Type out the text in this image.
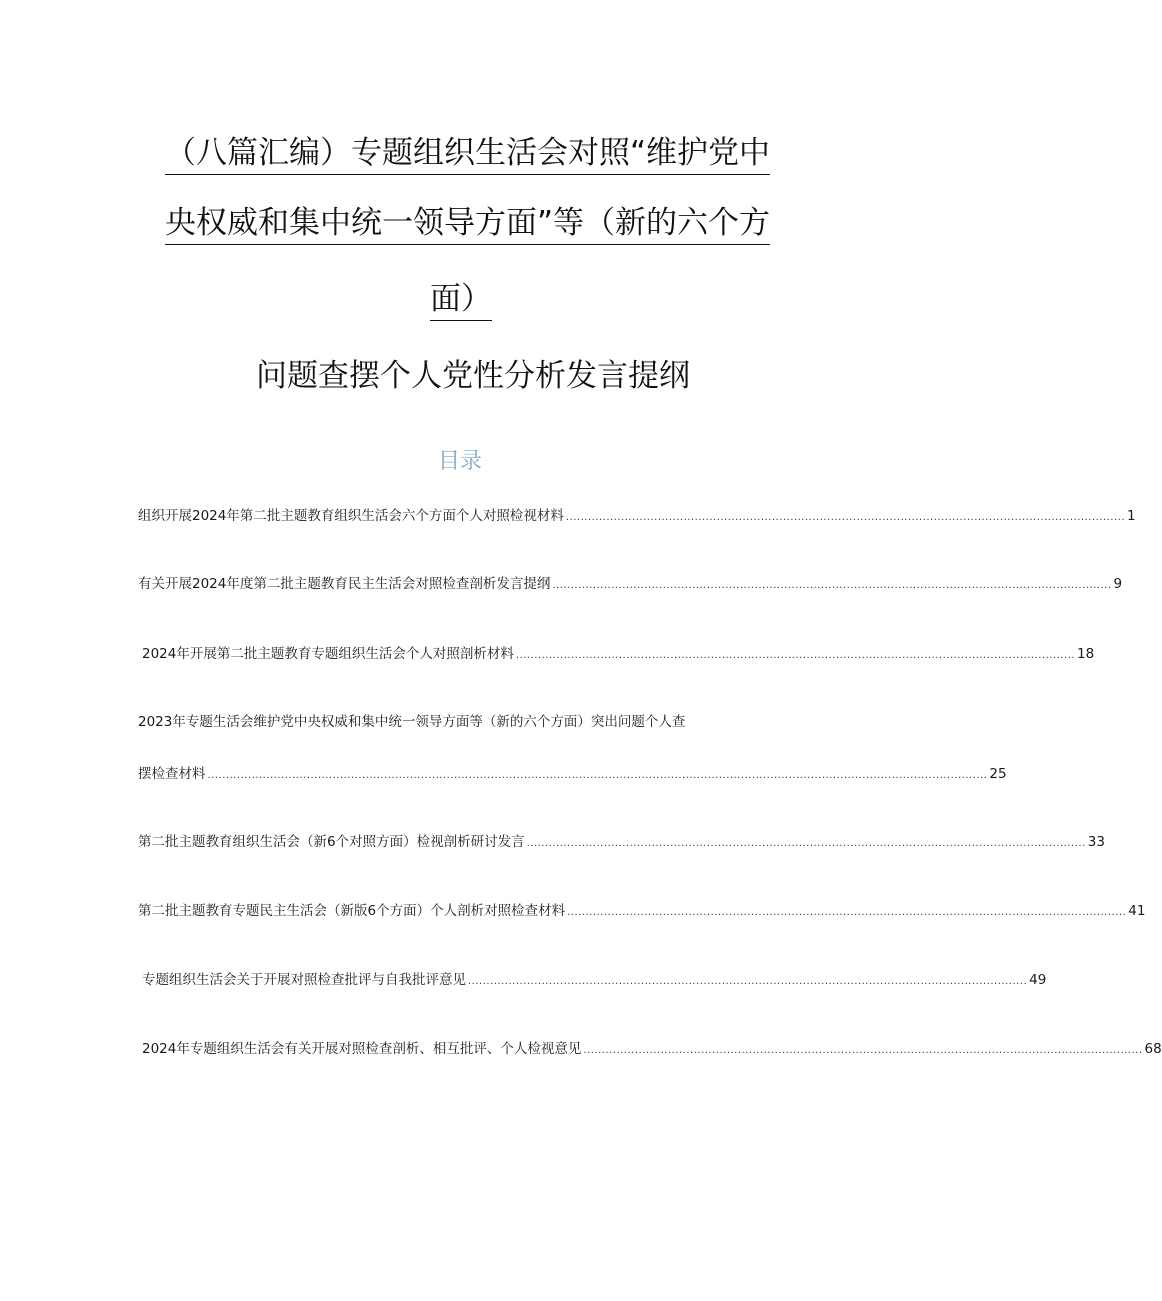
（八篇汇编）专题组织生活会对照“维护党中
央权威和集中统一领导方面”等（新的六个方
面）
问题查摆个人党性分析发言提纲
目录
组织开展2024年第二批主题教育组织生活会六个方面个人对照检视材料 ........................................................................................................................................................ 1
有关开展2024年度第二批主题教育民主生活会对照检查剖析发言提纲 ........................................................................................................................................................ 9
2024年开展第二批主题教育专题组织生活会个人对照剖析材料 ........................................................................................................................................................ 18
2023年专题生活会维护党中央权威和集中统一领导方面等（新的六个方面）突出问题个人查
摆检查材料 .................................................................................................................................................................................................................... 25
第二批主题教育组织生活会（新6个对照方面）检视剖析研讨发言 ........................................................................................................................................................ 33
第二批主题教育专题民主生活会（新版6个方面）个人剖析对照检查材料 ........................................................................................................................................................ 41
专题组织生活会关于开展对照检查批评与自我批评意见 ........................................................................................................................................................ 49
2024年专题组织生活会有关开展对照检查剖析、相互批评、个人检视意见 ........................................................................................................................................................ 68
